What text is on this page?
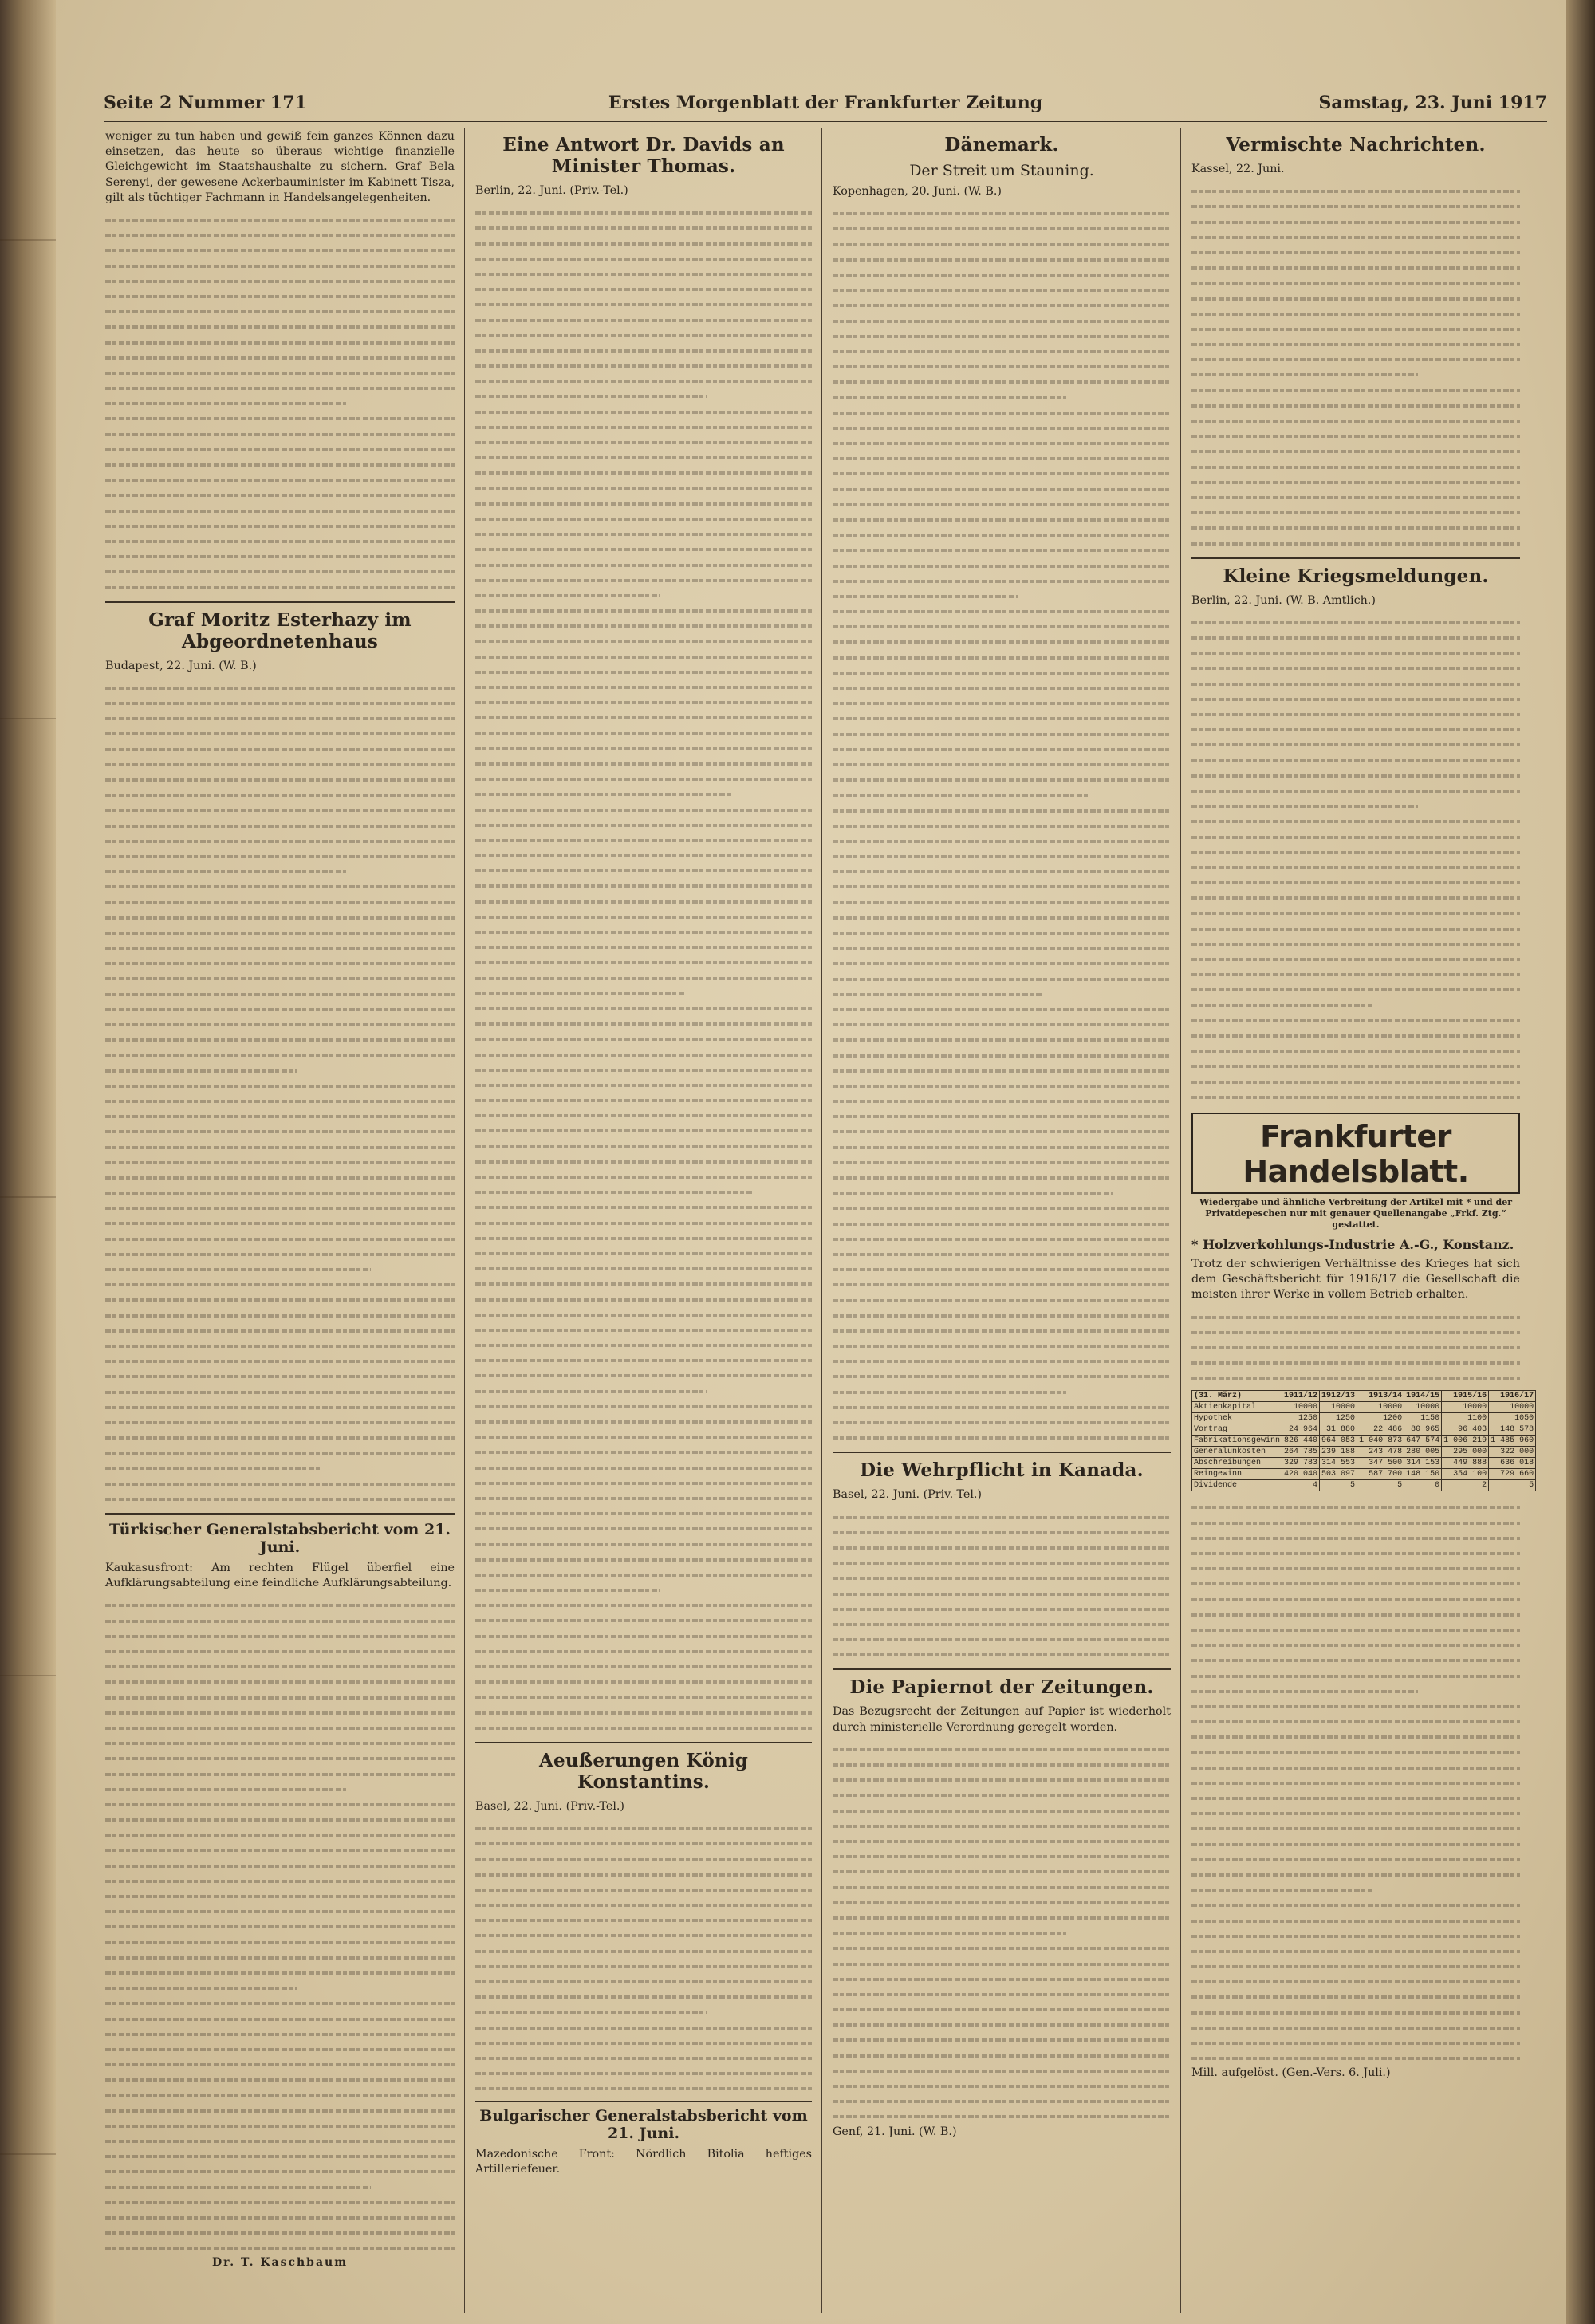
Seite 2 Nummer 171	Erstes Morgenblatt der Frankfurter Zeitung	Samstag, 23. Juni 1917

weniger zu tun haben und gewiß fein ganzes Können dazu einsetzen, das heute so überaus wichtige finanzielle Gleichgewicht im Staatshaushalte zu sichern. Graf Bela Serenyi, der gewesene Ackerbauminister im Kabinett Tisza, gilt als tüchtiger Fachmann in Handelsangelegenheiten.

Graf Moritz Esterhazy im Abgeordnetenhaus

Budapest, 22. Juni. (W. B.)

Türkischer Generalstabsbericht vom 21. Juni.

Kaukasusfront: Am rechten Flügel überfiel eine Aufklärungsabteilung eine feindliche Aufklärungsabteilung.

Dr. T. Kaschbaum
Eine Antwort Dr. Davids an Minister Thomas.

Berlin, 22. Juni. (Priv.-Tel.)

Aeußerungen König Konstantins.

Basel, 22. Juni. (Priv.-Tel.)

Bulgarischer Generalstabsbericht vom 21. Juni.

Mazedonische Front: Nördlich Bitolia heftiges Artilleriefeuer.

Dänemark.
Der Streit um Stauning.

Kopenhagen, 20. Juni. (W. B.)

Die Wehrpflicht in Kanada.

Basel, 22. Juni. (Priv.-Tel.)

Die Papiernot der Zeitungen.

Das Bezugsrecht der Zeitungen auf Papier ist wiederholt durch ministerielle Verordnung geregelt worden.

Genf, 21. Juni. (W. B.)

Vermischte Nachrichten.

Kassel, 22. Juni.

Kleine Kriegsmeldungen.

Berlin, 22. Juni. (W. B. Amtlich.)

Frankfurter Handelsblatt.
Wiedergabe und ähnliche Verbreitung der Artikel mit * und der Privatdepeschen nur mit genauer Quellenangabe „Frkf. Ztg.“ gestattet.
* Holzverkohlungs-Industrie A.-G., Konstanz.

Trotz der schwierigen Verhältnisse des Krieges hat sich dem Geschäftsbericht für 1916/17 die Gesellschaft die meisten ihrer Werke in vollem Betrieb erhalten.

(31. März)	1911/12	1912/13	1913/14	1914/15	1915/16	1916/17
Aktienkapital	10000	10000	10000	10000	10000	10000
Hypothek	1250	1250	1200	1150	1100	1050
Vortrag	24 964	31 880	22 486	80 965	96 403	148 578
Fabrikationsgewinn	826 440	964 053	1 040 873	647 574	1 006 219	1 485 960
Generalunkosten	264 785	239 188	243 478	280 005	295 000	322 000
Abschreibungen	329 783	314 553	347 500	314 153	449 888	636 018
Reingewinn	420 040	503 097	587 700	148 150	354 100	729 660
Dividende	4	5	5	0	2	5

Mill. aufgelöst. (Gen.-Vers. 6. Juli.)
